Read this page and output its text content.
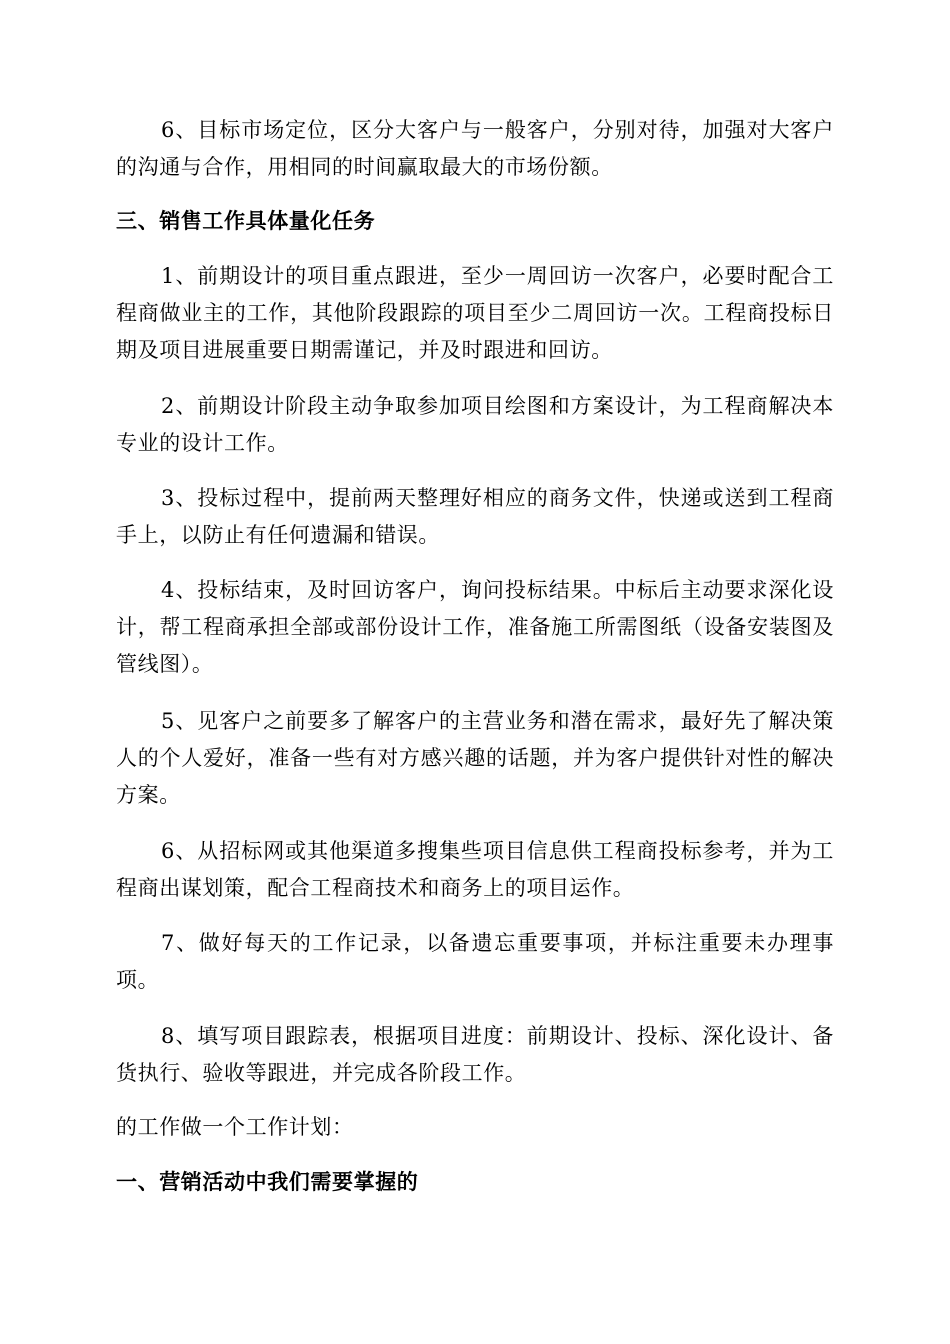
6、目标市场定位，区分大客户与一般客户，分别对待，加强对大客户的沟通与合作，用相同的时间赢取最大的市场份额。

三、销售工作具体量化任务

1、前期设计的项目重点跟进，至少一周回访一次客户，必要时配合工程商做业主的工作，其他阶段跟踪的项目至少二周回访一次。工程商投标日期及项目进展重要日期需谨记，并及时跟进和回访。

2、前期设计阶段主动争取参加项目绘图和方案设计，为工程商解决本专业的设计工作。

3、投标过程中，提前两天整理好相应的商务文件，快递或送到工程商手上，以防止有任何遗漏和错误。

4、投标结束，及时回访客户，询问投标结果。中标后主动要求深化设计，帮工程商承担全部或部份设计工作，准备施工所需图纸（设备安装图及管线图）。

5、见客户之前要多了解客户的主营业务和潜在需求，最好先了解决策人的个人爱好，准备一些有对方感兴趣的话题，并为客户提供针对性的解决方案。

6、从招标网或其他渠道多搜集些项目信息供工程商投标参考，并为工程商出谋划策，配合工程商技术和商务上的项目运作。

7、做好每天的工作记录，以备遗忘重要事项，并标注重要未办理事项。

8、填写项目跟踪表，根据项目进度：前期设计、投标、深化设计、备货执行、验收等跟进，并完成各阶段工作。

的工作做一个工作计划：

一、营销活动中我们需要掌握的
